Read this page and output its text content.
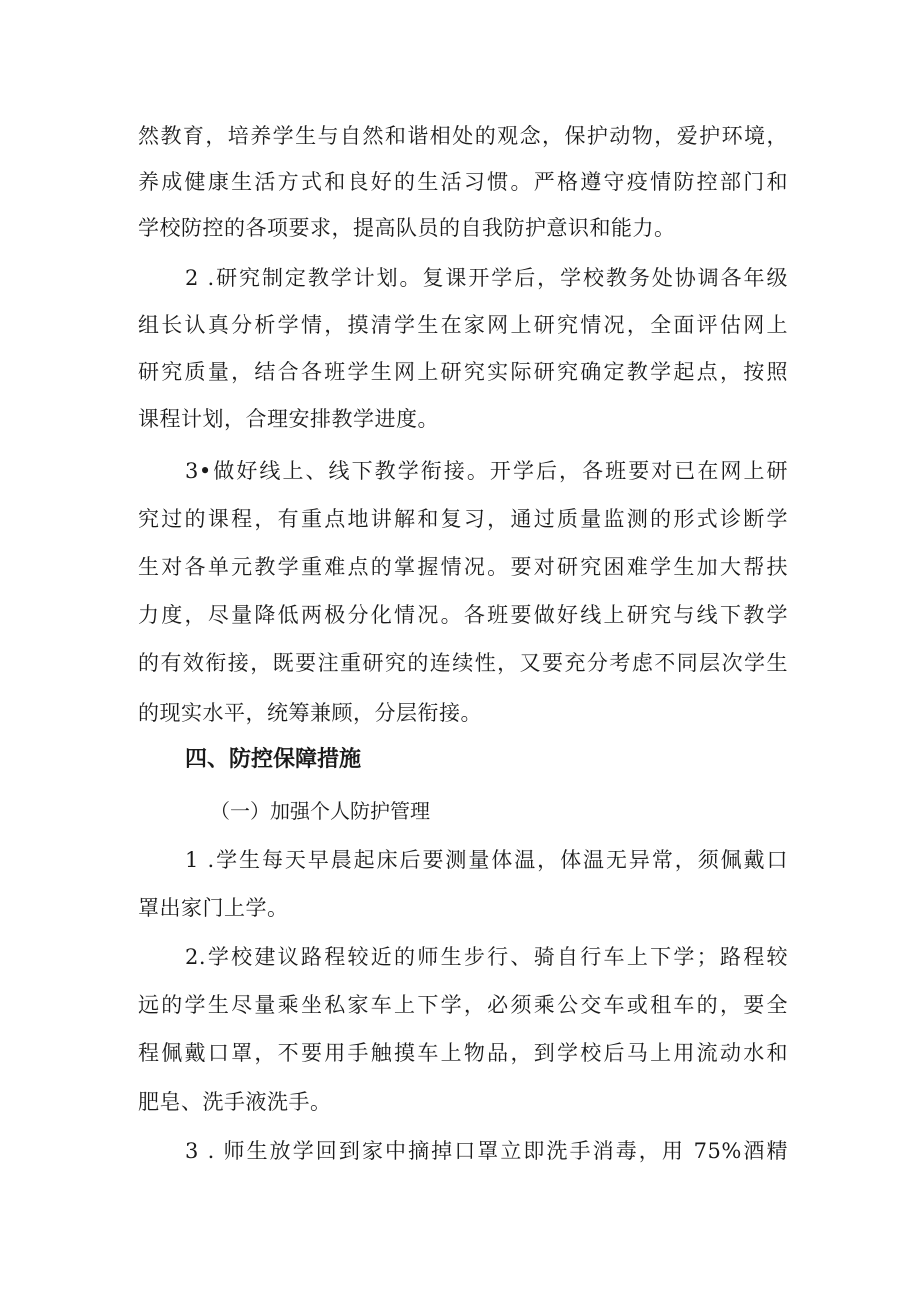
然教育，培养学生与自然和谐相处的观念，保护动物，爱护环境，
养成健康生活方式和良好的生活习惯。严格遵守疫情防控部门和
学校防控的各项要求，提高队员的自我防护意识和能力。
2 .研究制定教学计划。复课开学后，学校教务处协调各年级
组长认真分析学情，摸清学生在家网上研究情况，全面评估网上
研究质量，结合各班学生网上研究实际研究确定教学起点，按照
课程计划，合理安排教学进度。
3•做好线上、线下教学衔接。开学后，各班要对已在网上研
究过的课程，有重点地讲解和复习，通过质量监测的形式诊断学
生对各单元教学重难点的掌握情况。要对研究困难学生加大帮扶
力度，尽量降低两极分化情况。各班要做好线上研究与线下教学
的有效衔接，既要注重研究的连续性，又要充分考虑不同层次学生
的现实水平，统筹兼顾，分层衔接。
四、防控保障措施
（一）加强个人防护管理
1 .学生每天早晨起床后要测量体温，体温无异常，须佩戴口
罩出家门上学。
2.学校建议路程较近的师生步行、骑自行车上下学；路程较
远的学生尽量乘坐私家车上下学，必须乘公交车或租车的，要全
程佩戴口罩，不要用手触摸车上物品，到学校后马上用流动水和
肥皂、洗手液洗手。
3 . 师生放学回到家中摘掉口罩立即洗手消毒，用 75%酒精
